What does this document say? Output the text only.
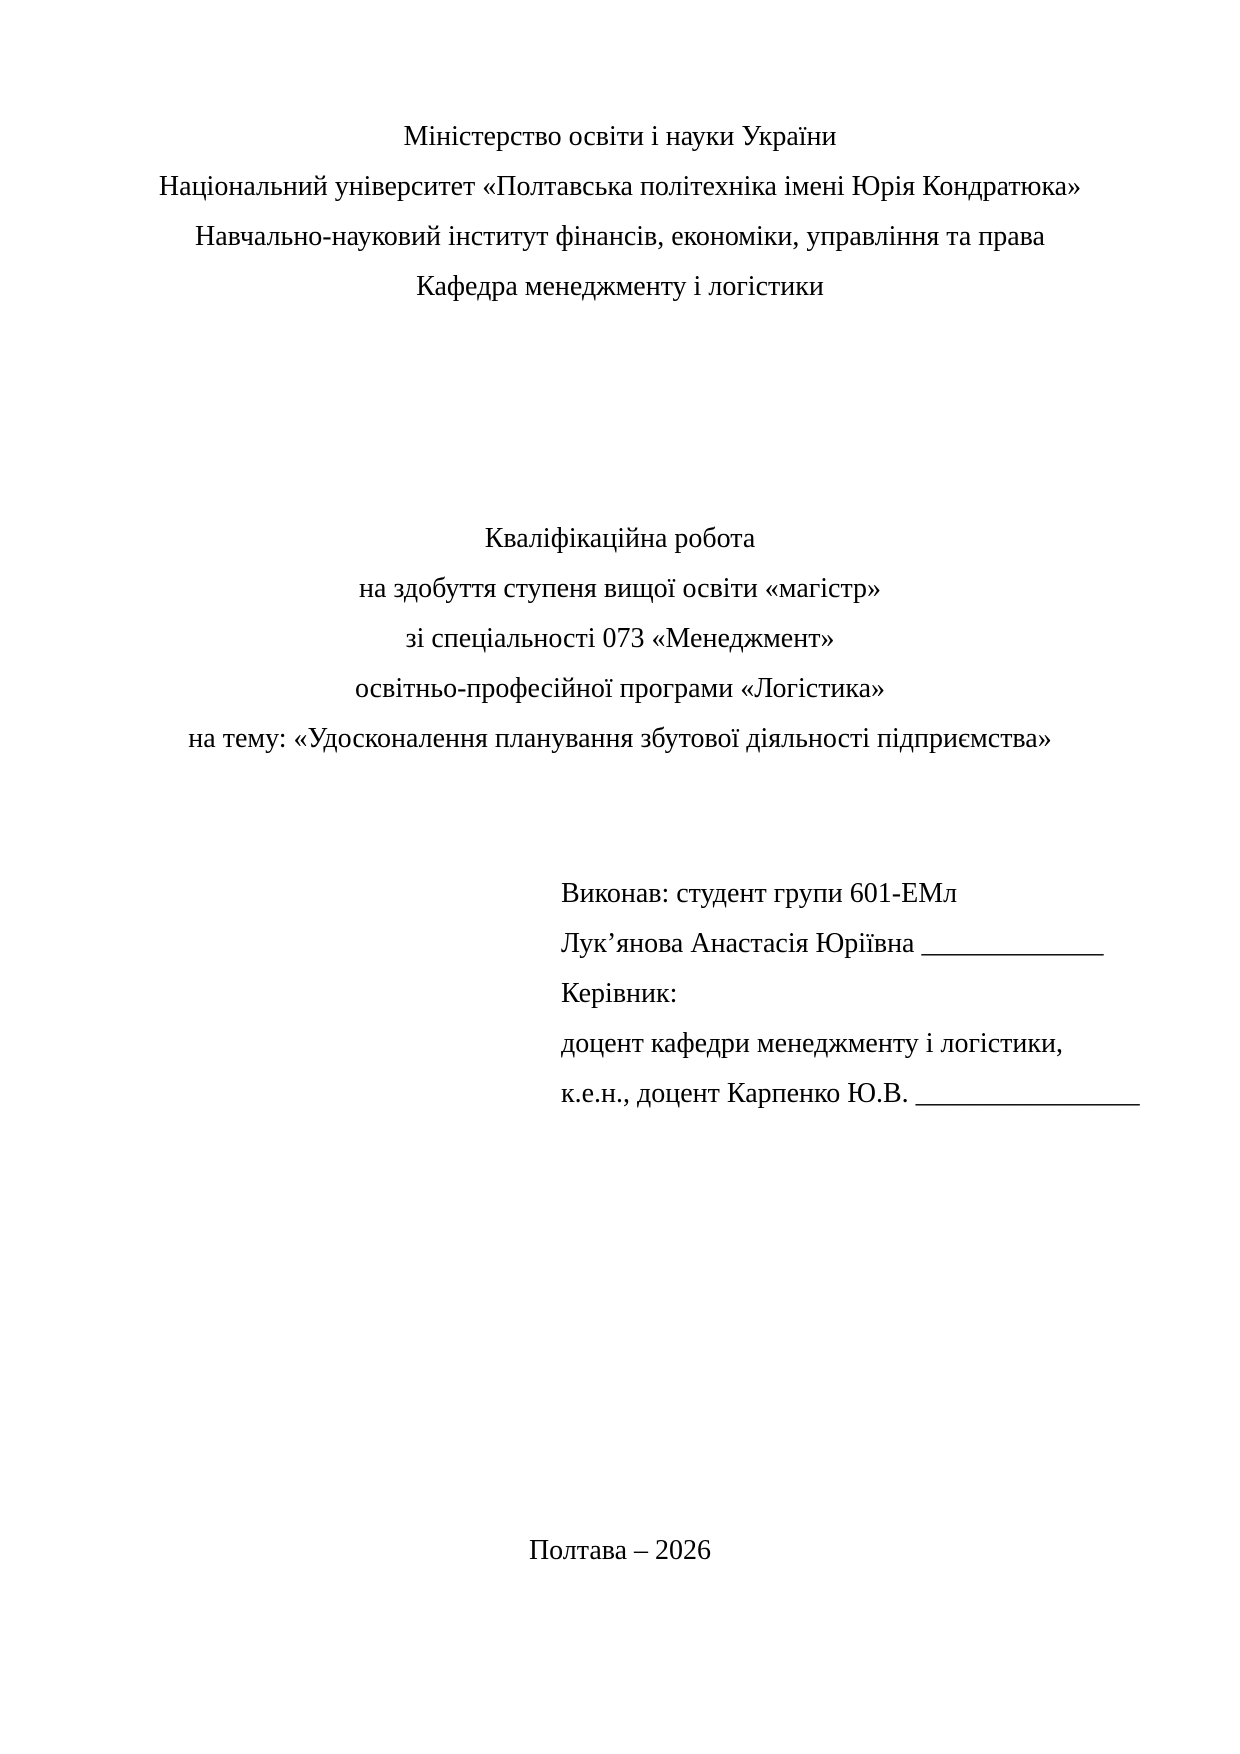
Міністерство освіти і науки України
Національний університет «Полтавська політехніка імені Юрія Кондратюка»
Навчально-науковий інститут фінансів, економіки, управління та права
Кафедра менеджменту і логістики
Кваліфікаційна робота
на здобуття ступеня вищої освіти «магістр»
зі спеціальності 073 «Менеджмент»
освітньо-професійної програми «Логістика»
на тему: «Удосконалення планування збутової діяльності підприємства»
Виконав: студент групи 601-ЕМл
Лук’янова Анастасія Юріївна _____________
Керівник:
доцент кафедри менеджменту і логістики,
к.е.н., доцент Карпенко Ю.В. ________________
Полтава – 2026
